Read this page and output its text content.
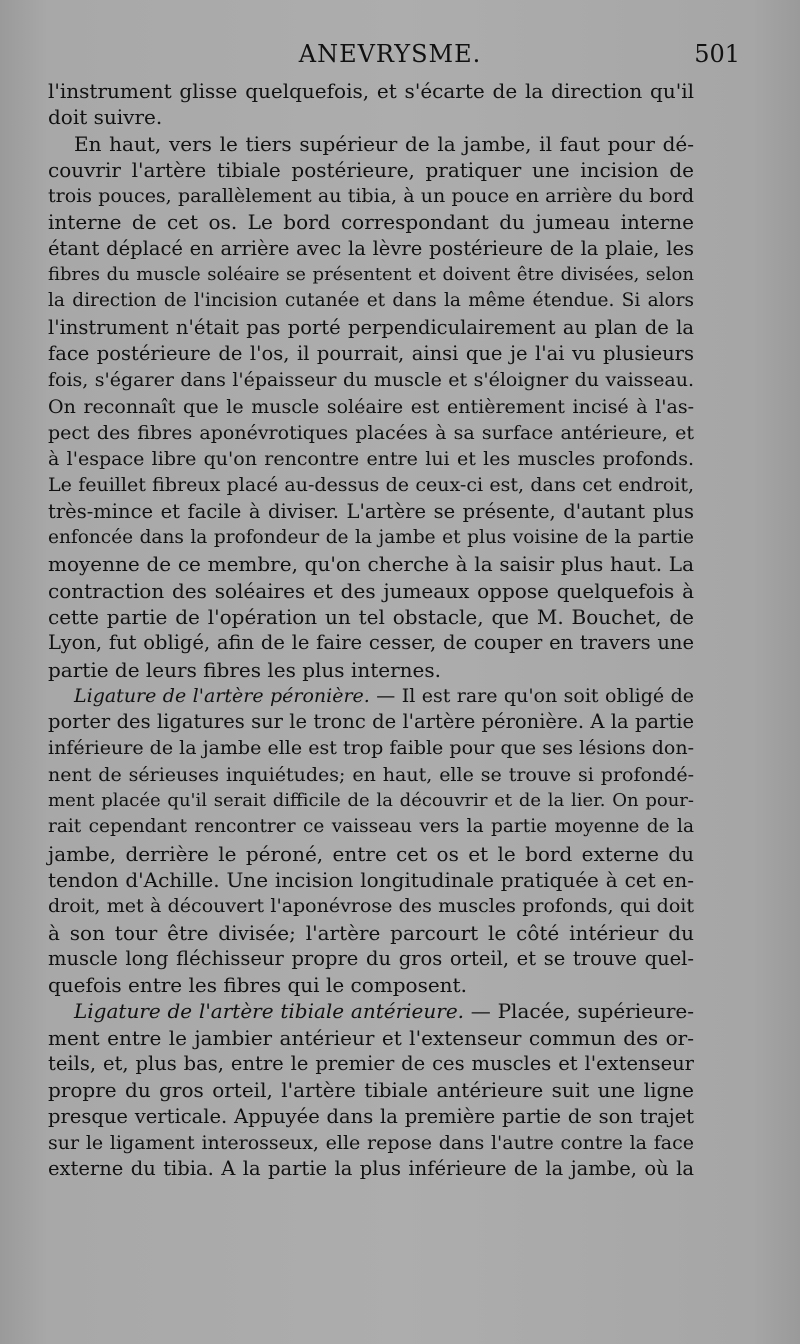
ANEVRYSME.	501
l'instrument glisse quelquefois, et s'écarte de la direction qu'il
doit suivre.
En haut, vers le tiers supérieur de la jambe, il faut pour dé-
couvrir l'artère tibiale postérieure, pratiquer une incision de
trois pouces, parallèlement au tibia, à un pouce en arrière du bord
interne de cet os. Le bord correspondant du jumeau interne
étant déplacé en arrière avec la lèvre postérieure de la plaie, les
fibres du muscle soléaire se présentent et doivent être divisées, selon
la direction de l'incision cutanée et dans la même étendue. Si alors
l'instrument n'était pas porté perpendiculairement au plan de la
face postérieure de l'os, il pourrait, ainsi que je l'ai vu plusieurs
fois, s'égarer dans l'épaisseur du muscle et s'éloigner du vaisseau.
On reconnaît que le muscle soléaire est entièrement incisé à l'as-
pect des fibres aponévrotiques placées à sa surface antérieure, et
à l'espace libre qu'on rencontre entre lui et les muscles profonds.
Le feuillet fibreux placé au-dessus de ceux-ci est, dans cet endroit,
très-mince et facile à diviser. L'artère se présente, d'autant plus
enfoncée dans la profondeur de la jambe et plus voisine de la partie
moyenne de ce membre, qu'on cherche à la saisir plus haut. La
contraction des soléaires et des jumeaux oppose quelquefois à
cette partie de l'opération un tel obstacle, que M. Bouchet, de
Lyon, fut obligé, afin de le faire cesser, de couper en travers une
partie de leurs fibres les plus internes.
Ligature de l'artère péronière. — Il est rare qu'on soit obligé de
porter des ligatures sur le tronc de l'artère péronière. A la partie
inférieure de la jambe elle est trop faible pour que ses lésions don-
nent de sérieuses inquiétudes; en haut, elle se trouve si profondé-
ment placée qu'il serait difficile de la découvrir et de la lier. On pour-
rait cependant rencontrer ce vaisseau vers la partie moyenne de la
jambe, derrière le péroné, entre cet os et le bord externe du
tendon d'Achille. Une incision longitudinale pratiquée à cet en-
droit, met à découvert l'aponévrose des muscles profonds, qui doit
à son tour être divisée; l'artère parcourt le côté intérieur du
muscle long fléchisseur propre du gros orteil, et se trouve quel-
quefois entre les fibres qui le composent.
Ligature de l'artère tibiale antérieure. — Placée, supérieure-
ment entre le jambier antérieur et l'extenseur commun des or-
teils, et, plus bas, entre le premier de ces muscles et l'extenseur
propre du gros orteil, l'artère tibiale antérieure suit une ligne
presque verticale. Appuyée dans la première partie de son trajet
sur le ligament interosseux, elle repose dans l'autre contre la face
externe du tibia. A la partie la plus inférieure de la jambe, où la
